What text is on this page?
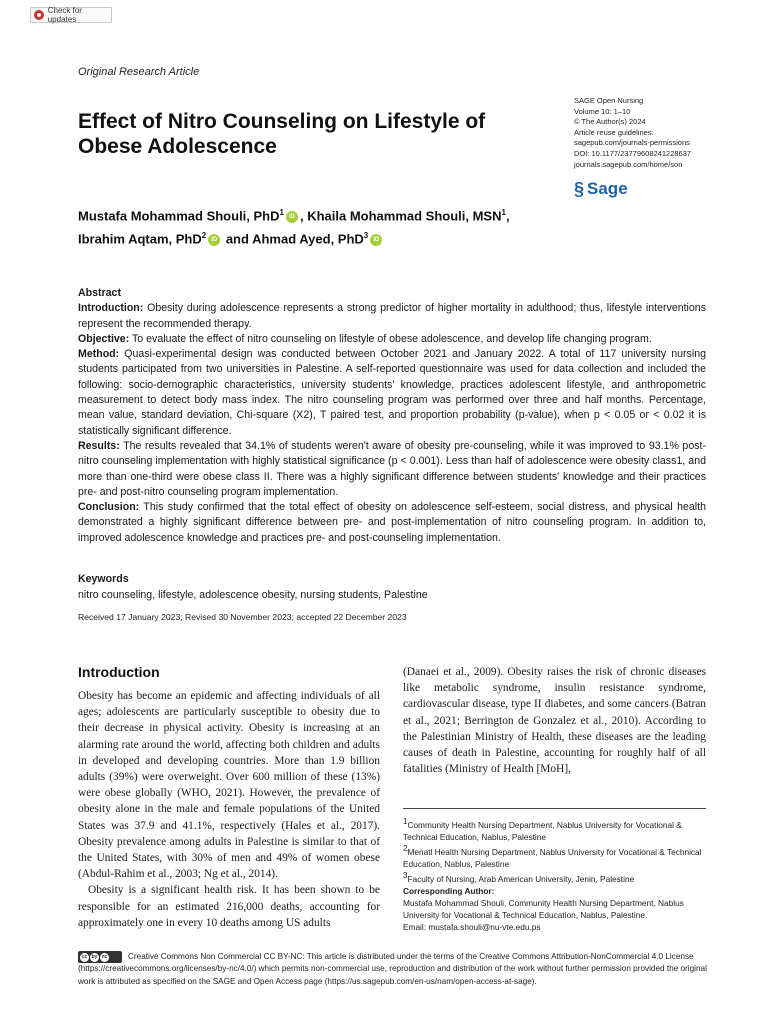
Check for updates
Original Research Article
Effect of Nitro Counseling on Lifestyle of Obese Adolescence
SAGE Open Nursing
Volume 10: 1–10
© The Author(s) 2024
Article reuse guidelines:
sagepub.com/journals-permissions
DOI: 10.1177/23779608241228637
journals.sagepub.com/home/son
§ Sage
Mustafa Mohammad Shouli, PhD$^1$ iD , Khaila Mohammad Shouli, MSN$^1$,
Ibrahim Aqtam, PhD$^2$ iD and Ahmad Ayed, PhD$^3$ iD

Abstract

Introduction: Obesity during adolescence represents a strong predictor of higher mortality in adulthood; thus, lifestyle interventions represent the recommended therapy.

Objective: To evaluate the effect of nitro counseling on lifestyle of obese adolescence, and develop life changing program.

Method: Quasi-experimental design was conducted between October 2021 and January 2022. A total of 117 university nursing students participated from two universities in Palestine. A self-reported questionnaire was used for data collection and included the following: socio-demographic characteristics, university students' knowledge, practices adolescent lifestyle, and anthropometric measurement to detect body mass index. The nitro counseling program was performed over three and half months. Percentage, mean value, standard deviation, Chi-square (X2), T paired test, and proportion probability (p-value), when p < 0.05 or < 0.02 it is statistically significant difference.

Results: The results revealed that 34.1% of students weren't aware of obesity pre-counseling, while it was improved to 93.1% post-nitro counseling implementation with highly statistical significance (p < 0.001). Less than half of adolescence were obesity class1, and more than one-third were obese class II. There was a highly significant difference between students' knowledge and their practices pre- and post-nitro counseling program implementation.

Conclusion: This study confirmed that the total effect of obesity on adolescence self-esteem, social distress, and physical health demonstrated a highly significant difference between pre- and post-implementation of nitro counseling program. In addition to, improved adolescence knowledge and practices pre- and post-counseling implementation.

Keywords
nitro counseling, lifestyle, adolescence obesity, nursing students, Palestine
Received 17 January 2023; Revised 30 November 2023; accepted 22 December 2023
Introduction

Obesity has become an epidemic and affecting individuals of all ages; adolescents are particularly susceptible to obesity due to their decrease in physical activity. Obesity is increasing at an alarming rate around the world, affecting both children and adults in developed and developing countries. More than 1.9 billion adults (39%) were overweight. Over 600 million of these (13%) were obese globally (WHO, 2021). However, the prevalence of obesity alone in the male and female populations of the United States was 37.9 and 41.1%, respectively (Hales et al., 2017). Obesity prevalence among adults in Palestine is similar to that of the United States, with 30% of men and 49% of women obese (Abdul-Rahim et al., 2003; Ng et al., 2014).

Obesity is a significant health risk. It has been shown to be responsible for an estimated 216,000 deaths, accounting for approximately one in every 10 deaths among US adults

(Danaei et al., 2009). Obesity raises the risk of chronic diseases like metabolic syndrome, insulin resistance syndrome, cardiovascular disease, type II diabetes, and some cancers (Batran et al., 2021; Berrington de Gonzalez et al., 2010). According to the Palestinian Ministry of Health, these diseases are the leading causes of death in Palestine, accounting for roughly half of all fatalities (Ministry of Health [MoH],

$^1$Community Health Nursing Department, Nablus University for Vocational & Technical Education, Nablus, Palestine

$^2$Menatl Health Nursing Department, Nablus University for Vocational & Technical Education, Nablus, Palestine

$^3$Faculty of Nursing, Arab American University, Jenin, Palestine

Corresponding Author:

Mustafa Mohammad Shouli, Community Health Nursing Department, Nablus University for Vocational & Technical Education, Nablus, Palestine.

Email: mustafa.shouli@nu-vte.edu.ps

cc by nc	Creative Commons Non Commercial CC BY-NC: This article is distributed under the terms of the Creative Commons Attribution-NonCommercial 4.0 License (https://creativecommons.org/licenses/by-nc/4.0/) which permits non-commercial use, reproduction and distribution of the work without further permission provided the original work is attributed as specified on the SAGE and Open Access page (https://us.sagepub.com/en-us/nam/open-access-at-sage).
